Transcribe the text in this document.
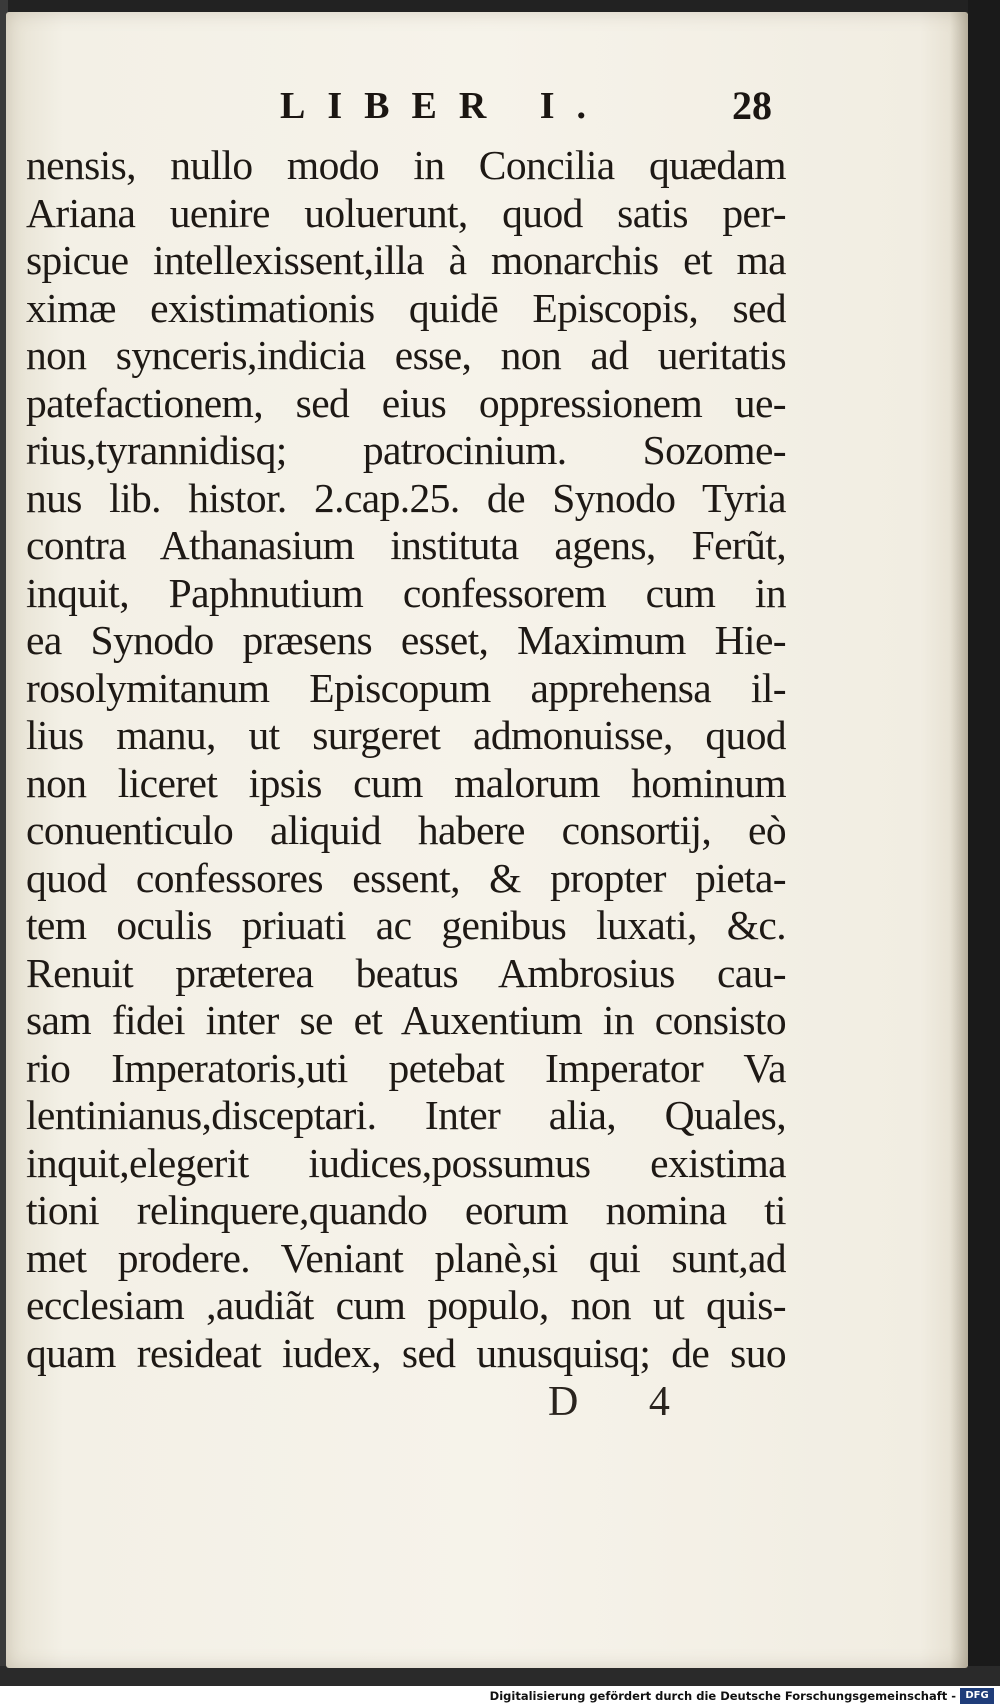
LIBER I.	28
nensis, nullo modo in Concilia quædam
Ariana uenire uoluerunt, quod satis per-
spicue intellexissent,illa à monarchis et ma
ximæ existimationis quidē Episcopis, sed
non synceris,indicia esse, non ad ueritatis
patefactionem, sed eius oppressionem ue-
rius,tyrannidisq; patrocinium. Sozome-
nus lib. histor. 2.cap.25. de Synodo Tyria
contra Athanasium instituta agens, Ferũt,
inquit, Paphnutium confessorem cum in
ea Synodo præsens esset, Maximum Hie-
rosolymitanum Episcopum apprehensa il-
lius manu, ut surgeret admonuisse, quod
non liceret ipsis cum malorum hominum
conuenticulo aliquid habere consortij, eò
quod confessores essent, & propter pieta-
tem oculis priuati ac genibus luxati, &c.
Renuit præterea beatus Ambrosius cau-
sam fidei inter se et Auxentium in consisto
rio Imperatoris,uti petebat Imperator Va
lentinianus,disceptari. Inter alia, Quales,
inquit,elegerit iudices,possumus existima
tioni relinquere,quando eorum nomina ti
met prodere. Veniant planè,si qui sunt,ad
ecclesiam ,audiãt cum populo, non ut quis-
quam resideat iudex, sed unusquisq; de suo
D 4
Digitalisierung gefördert durch die Deutsche Forschungsgemeinschaft - DFG
